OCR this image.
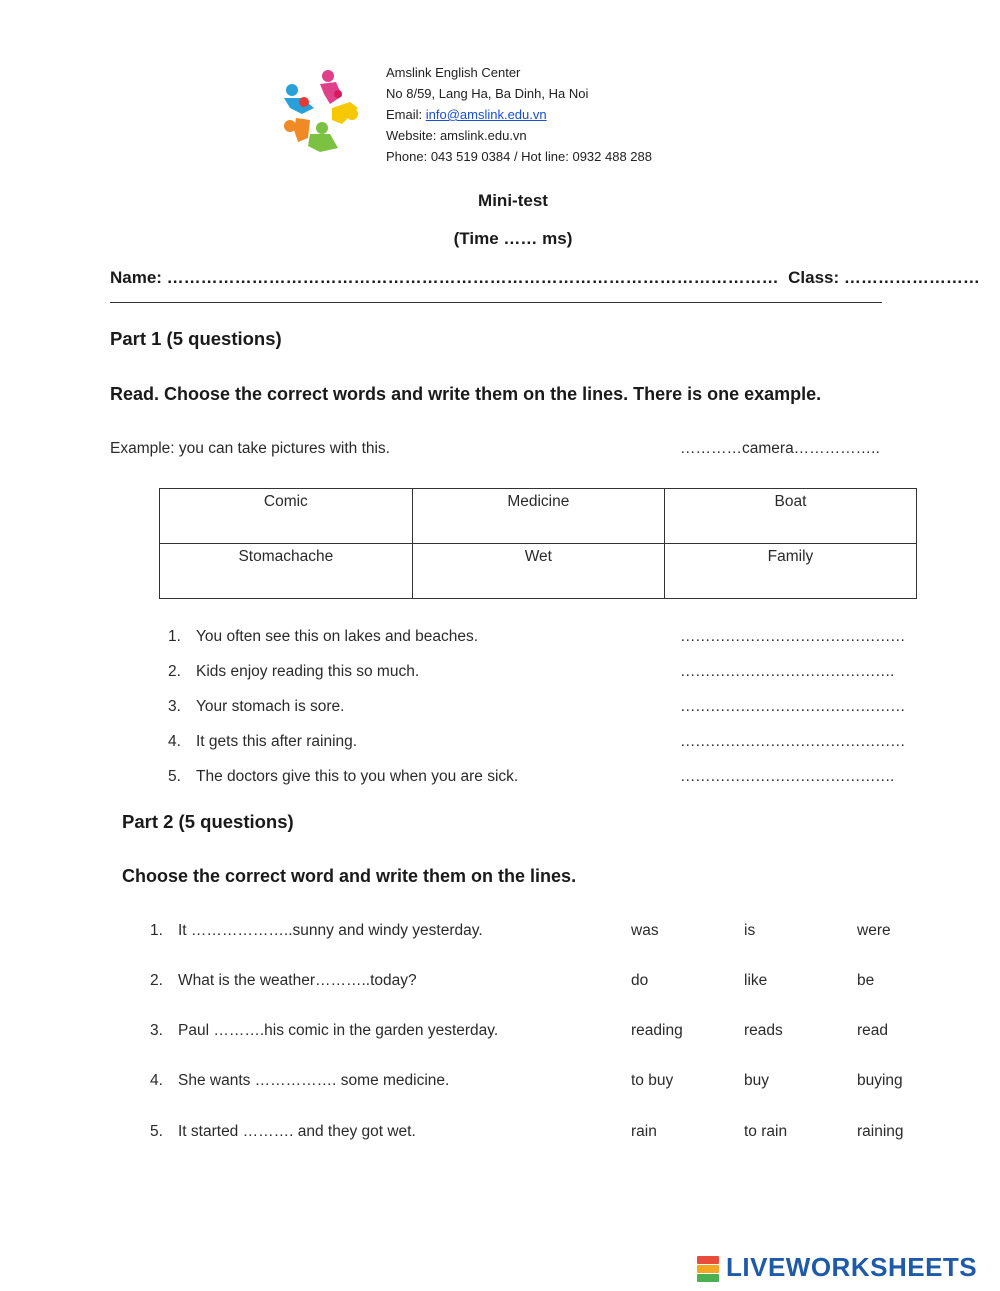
Amslink English Center
No 8/59, Lang Ha, Ba Dinh, Ha Noi
Email: info@amslink.edu.vn
Website: amslink.edu.vn
Phone: 043 519 0384 / Hot line: 0932 488 288
Mini-test
(Time …… ms)
Name: ………………………………………………………………………………………………  Class: ……………………
Part 1 (5 questions)
Read. Choose the correct words and write them on the lines. There is one example.
Example: you can take pictures with this.	…………camera……………..
Comic	Medicine	Boat
Stomachache	Wet	Family
1. You often see this on lakes and beaches.	………………………………………
2. Kids enjoy reading this so much.	…………………………………….
3. Your stomach is sore.	………………………………………
4. It gets this after raining.	………………………………………
5. The doctors give this to you when you are sick.	…………………………………….
Part 2 (5 questions)
Choose the correct word and write them on the lines.
1. It ………………..sunny and windy yesterday.	was	is	were
2. What is the weather………..today?	do	like	be
3. Paul ……….his comic in the garden yesterday.	reading	reads	read
4. She wants ……………. some medicine.	to buy	buy	buying
5. It started ………. and they got wet.	rain	to rain	raining
LIVEWORKSHEETS
